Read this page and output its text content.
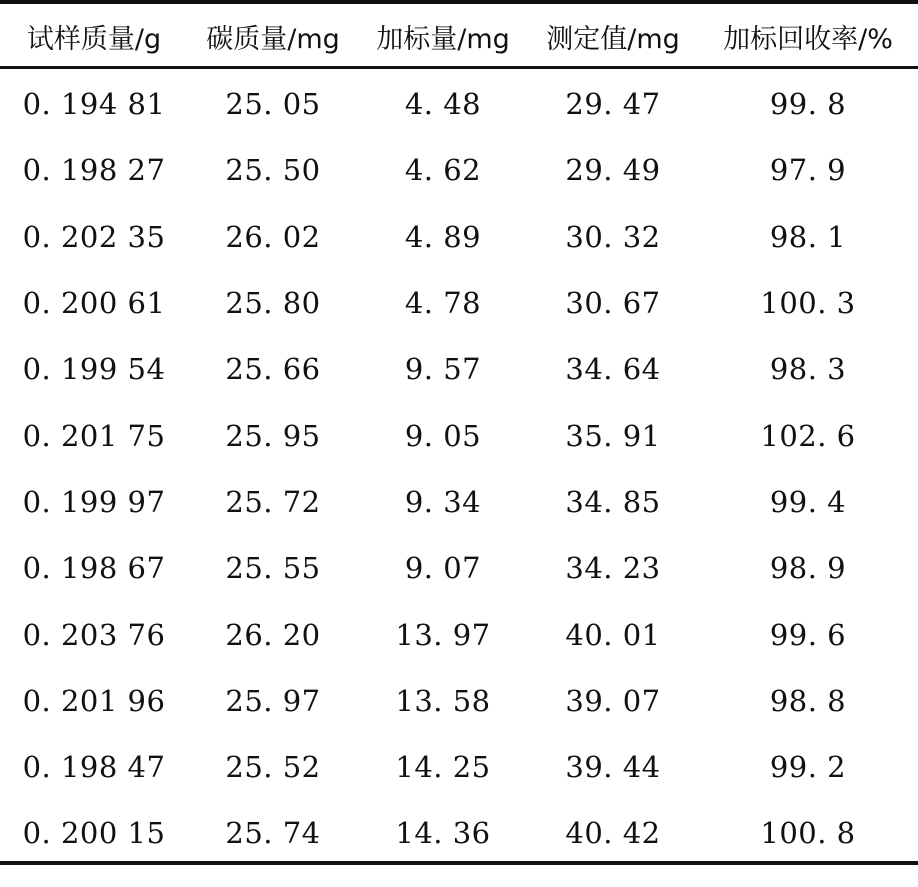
试样质量/g	碳质量/mg	加标量/mg	测定值/mg	加标回收率/%
0. 194 81	25. 05	4. 48	29. 47	99. 8
0. 198 27	25. 50	4. 62	29. 49	97. 9
0. 202 35	26. 02	4. 89	30. 32	98. 1
0. 200 61	25. 80	4. 78	30. 67	100. 3
0. 199 54	25. 66	9. 57	34. 64	98. 3
0. 201 75	25. 95	9. 05	35. 91	102. 6
0. 199 97	25. 72	9. 34	34. 85	99. 4
0. 198 67	25. 55	9. 07	34. 23	98. 9
0. 203 76	26. 20	13. 97	40. 01	99. 6
0. 201 96	25. 97	13. 58	39. 07	98. 8
0. 198 47	25. 52	14. 25	39. 44	99. 2
0. 200 15	25. 74	14. 36	40. 42	100. 8
